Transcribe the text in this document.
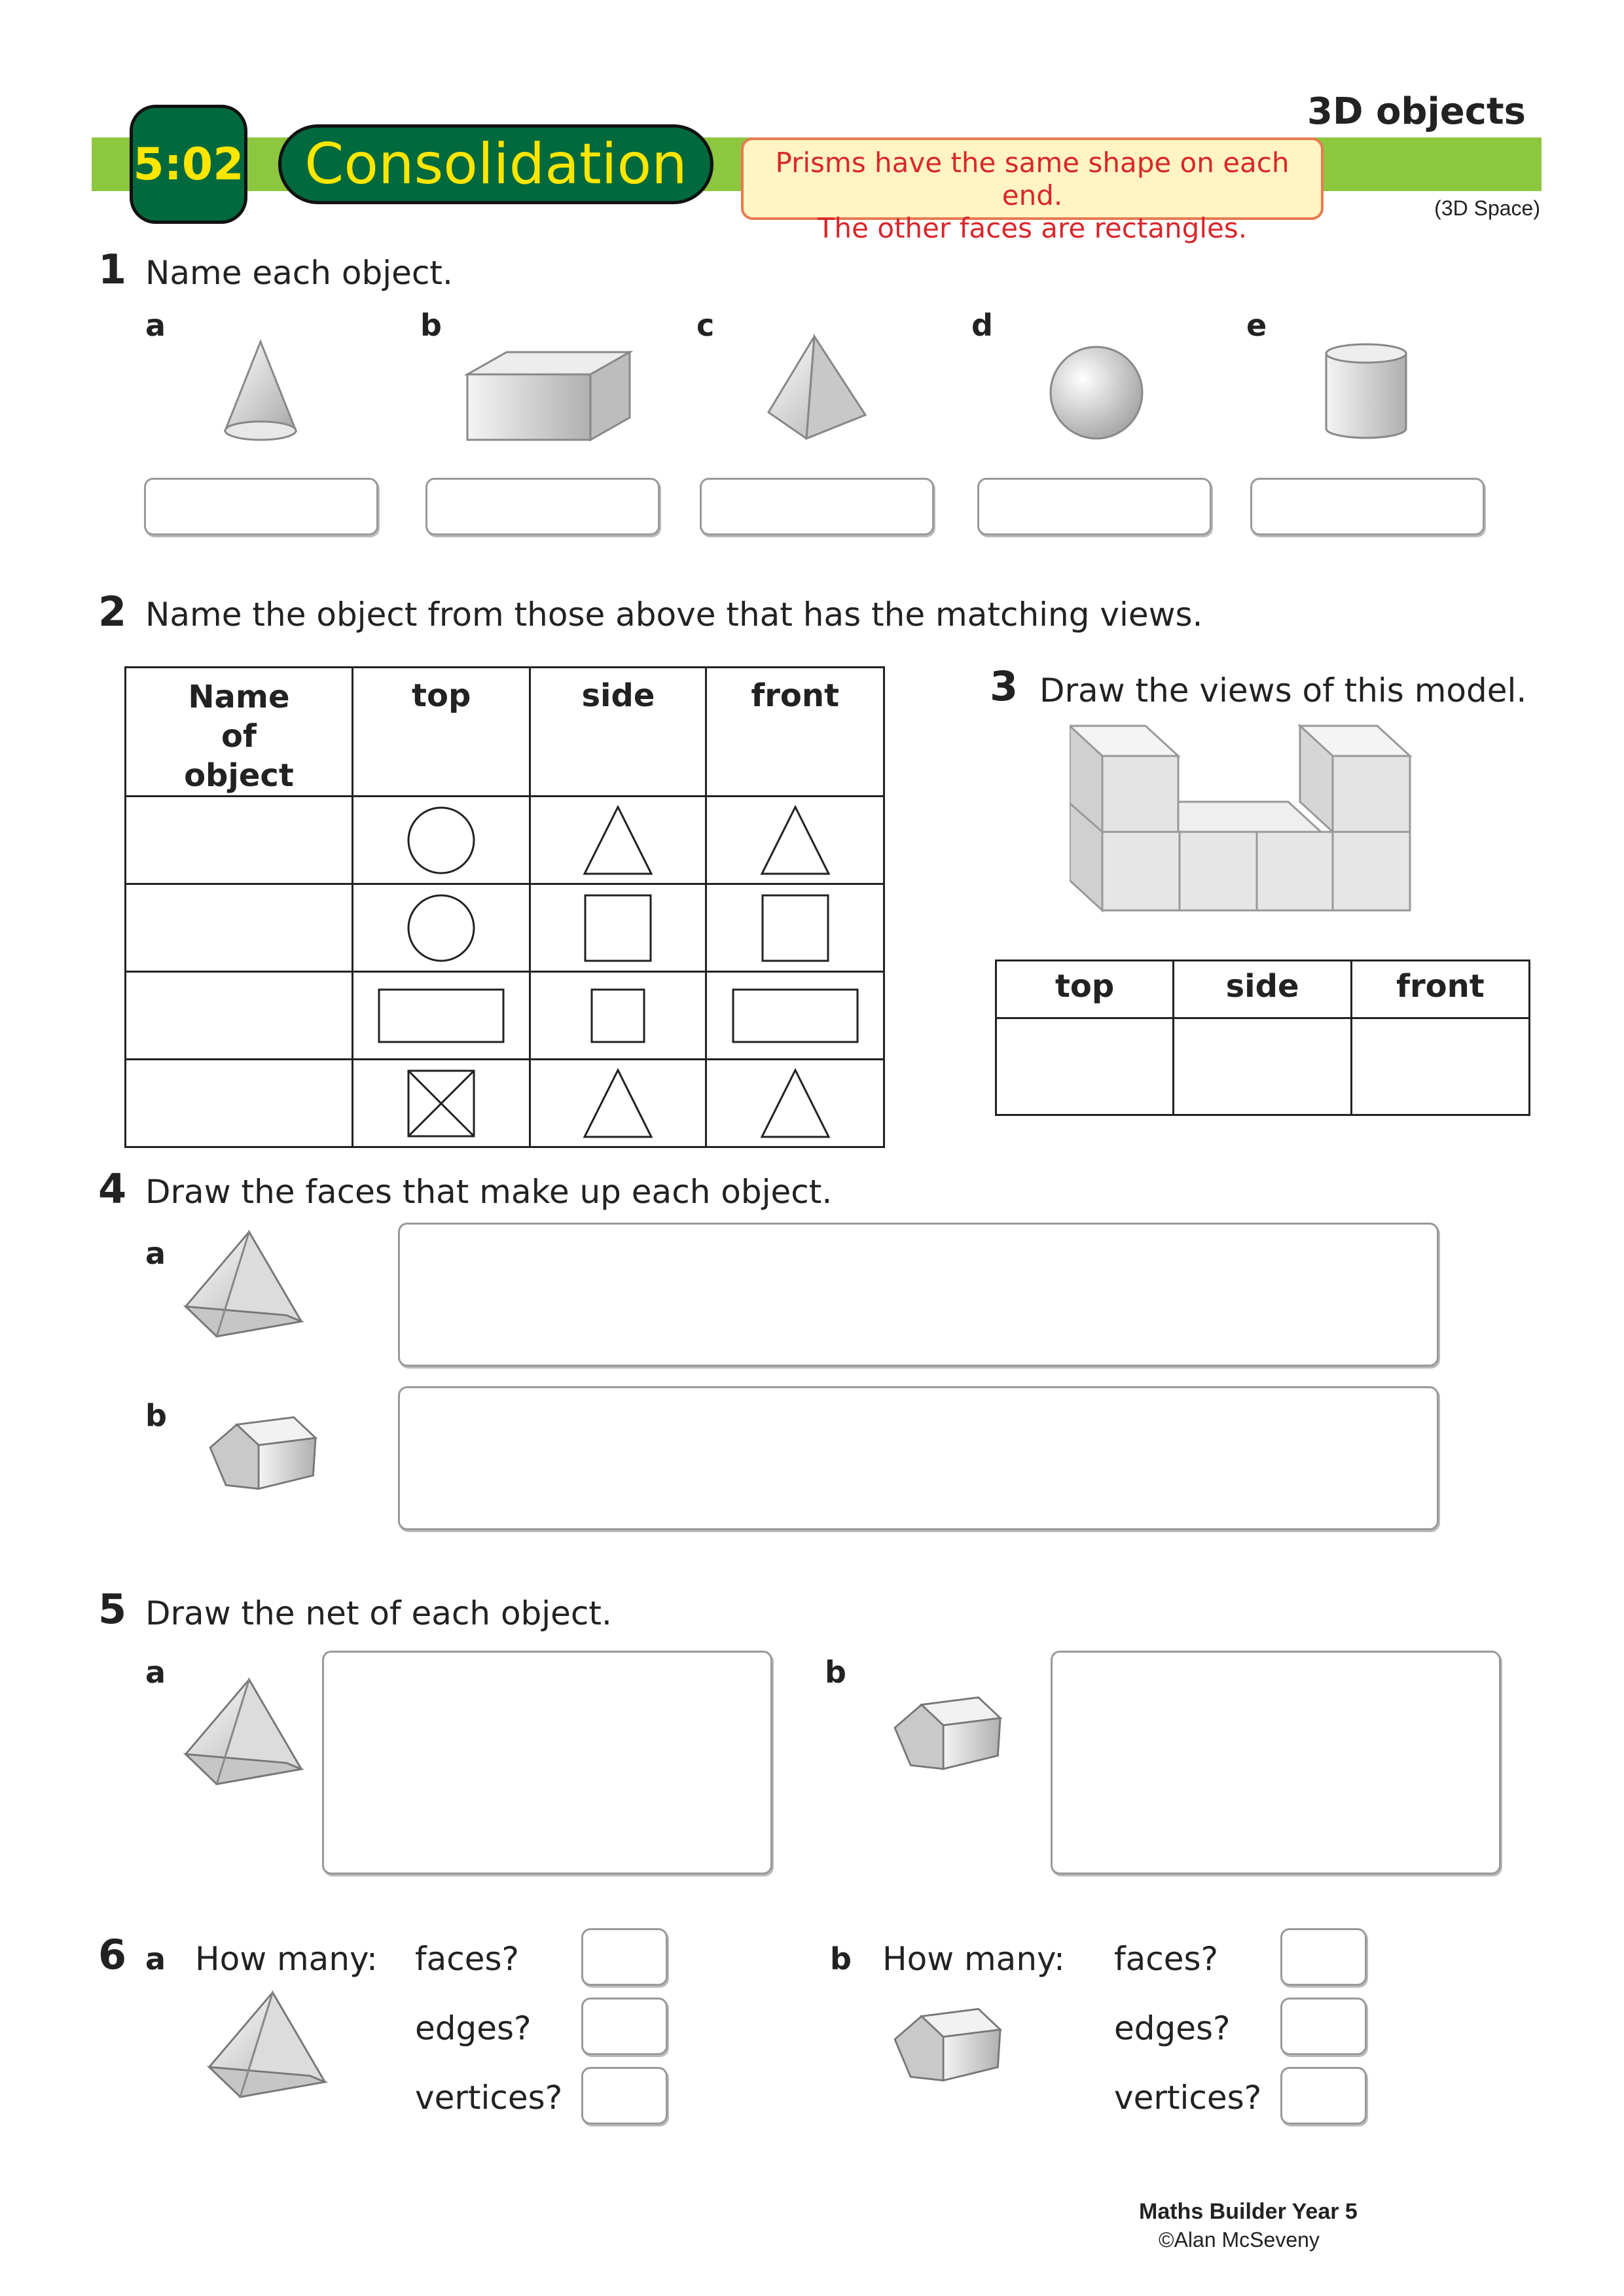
5:02	Consolidation	Prisms have the same shape on each end.
The other faces are rectangles.
3D objects
(3D Space)
1 Name each object.
a	b	c	d	e
2 Name the object from those above that has the matching views.
Name of object	top	side	front

		3 Draw the views of this model.
top	side	front

4 Draw the faces that make up each object.
a
b
5 Draw the net of each object.
a	b
6 a How many: faces?
edges?
vertices?
b How many: faces?
edges?
vertices?
Maths Builder Year 5
©Alan McSeveny
